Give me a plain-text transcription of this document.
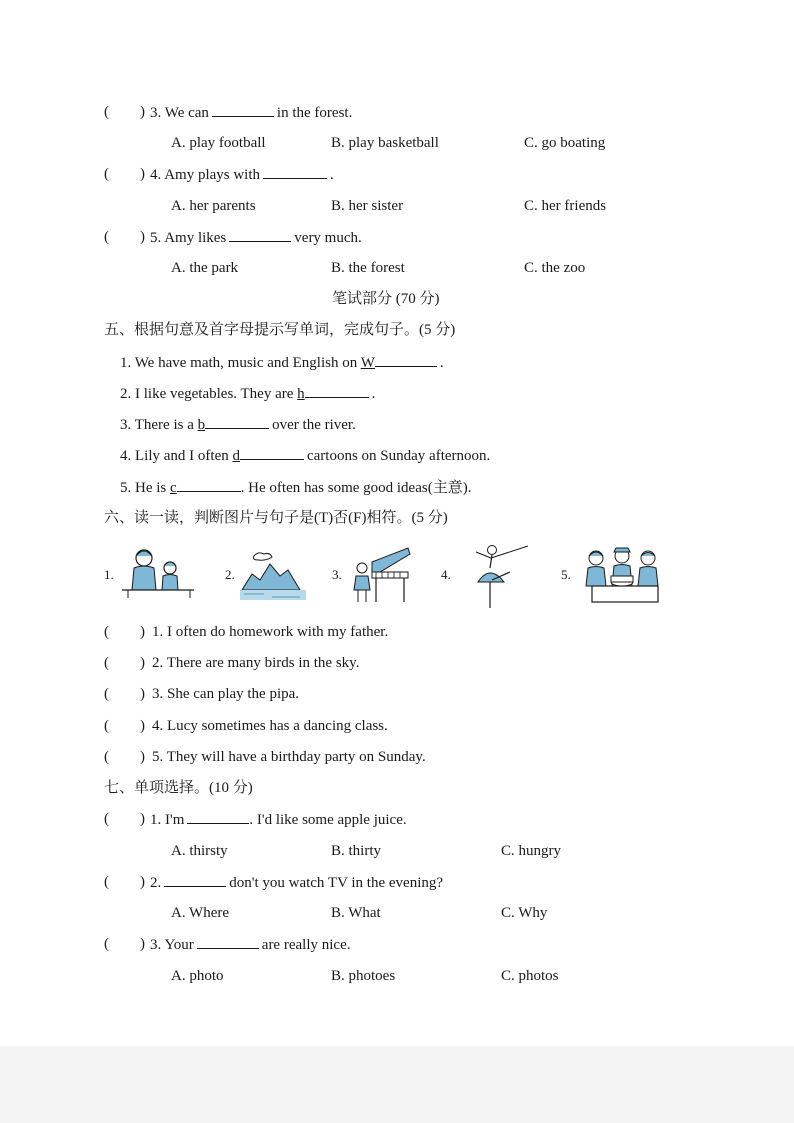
( ) 3. We can	in the forest.
A. play football	B. play basketball	C. go boating
( ) 4. Amy plays with	.
A. her parents	B. her sister	C. her friends
( ) 5. Amy likes	very much.
A. the park	B. the forest	C. the zoo
笔试部分 (70 分)
五、根据句意及首字母提示写单词，完成句子。(5 分)
1. We have math, music and English on W	.
2. I like vegetables. They are h	.
3. There is a b	over the river.
4. Lily and I often d	cartoons on Sunday afternoon.
5. He is c	. He often has some good ideas(主意).
六、读一读，判断图片与句子是(T)否(F)相符。(5 分)
1.	2.	3.	4.	5.
( ) 1. I often do homework with my father.
( ) 2. There are many birds in the sky.
( ) 3. She can play the pipa.
( ) 4. Lucy sometimes has a dancing class.
( ) 5. They will have a birthday party on Sunday.
七、单项选择。(10 分)
( ) 1. I'm	. I'd like some apple juice.
A. thirsty	B. thirty	C. hungry
( ) 2.	don't you watch TV in the evening?
A. Where	B. What	C. Why
( ) 3. Your	are really nice.
A. photo	B. photoes	C. photos
